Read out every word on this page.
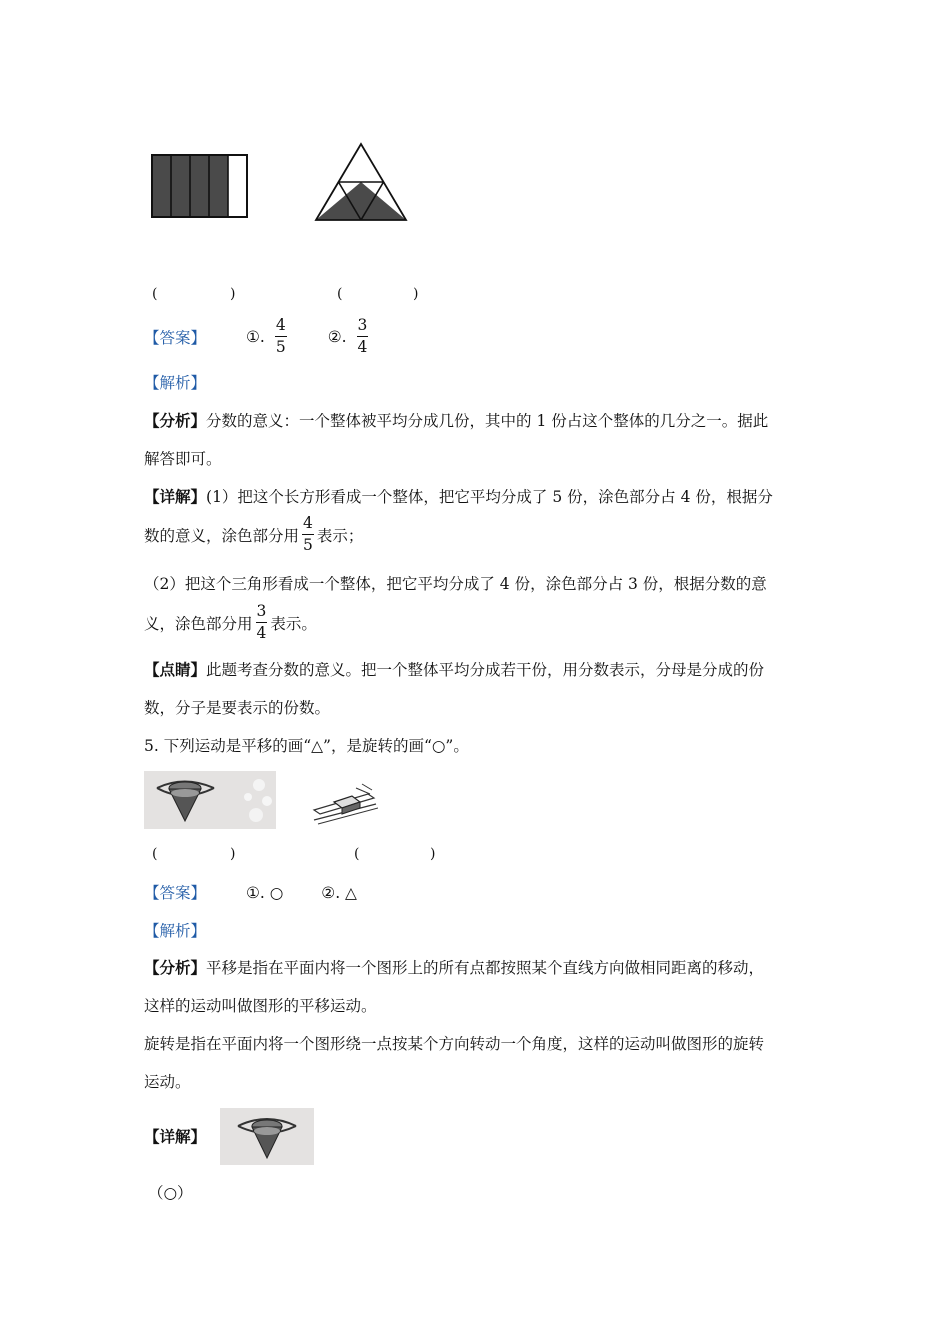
(	)	(	)
【答案】	①. $\frac{4}{5}$	②. $\frac{3}{4}$
【解析】
【分析】分数的意义：一个整体被平均分成几份，其中的 1 份占这个整体的几分之一。据此
解答即可。
【详解】(1）把这个长方形看成一个整体，把它平均分成了 5 份，涂色部分占 4 份，根据分
数的意义，涂色部分用 $\frac{4}{5}$ 表示；
（2）把这个三角形看成一个整体，把它平均分成了 4 份，涂色部分占 3 份，根据分数的意
义，涂色部分用 $\frac{3}{4}$ 表示。
【点睛】此题考查分数的意义。把一个整体平均分成若干份，用分数表示，分母是分成的份
数，分子是要表示的份数。
5. 下列运动是平移的画“△”，是旋转的画“○”。
(	)	(	)
【答案】	①. ○ ②. △
【解析】
【分析】平移是指在平面内将一个图形上的所有点都按照某个直线方向做相同距离的移动，
这样的运动叫做图形的平移运动。
旋转是指在平面内将一个图形绕一点按某个方向转动一个角度，这样的运动叫做图形的旋转
运动。
【详解】
（○）
